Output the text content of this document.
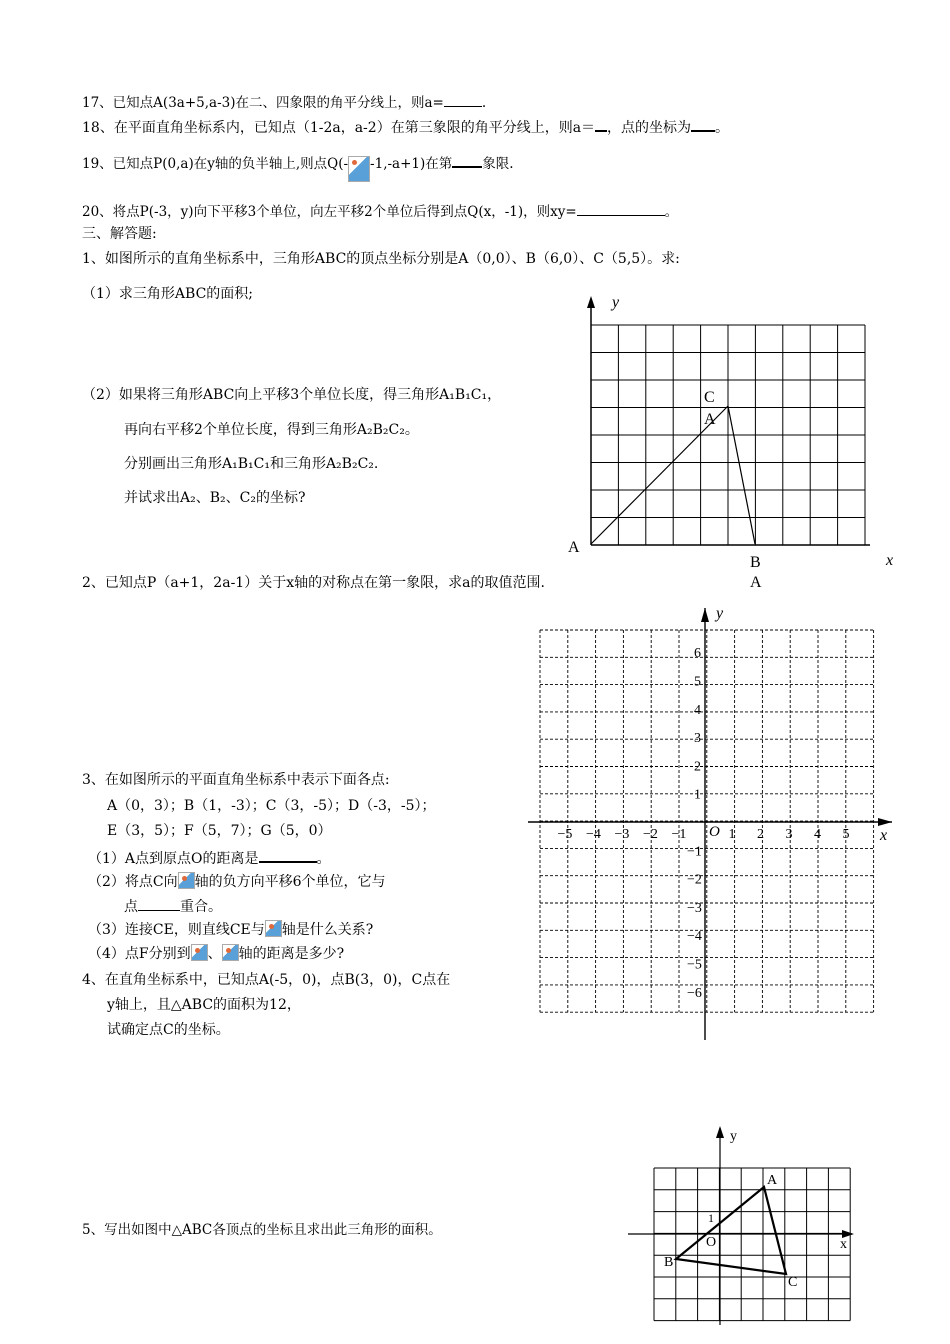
17、已知点A(3a+5,a-3)在二、四象限的角平分线上，则a=	.
18、在平面直角坐标系内，已知点（1-2a，a-2）在第三象限的角平分线上，则a＝ ，点的坐标为 。
19、已知点P(0,a)在y轴的负半轴上,则点Q(- -1,-a+1)在第 象限.
20、将点P(-3，y)向下平移3个单位，向左平移2个单位后得到点Q(x，-1)，则xy=	。
三、解答题:
1、如图所示的直角坐标系中，三角形ABC的顶点坐标分别是A（0,0）、B（6,0）、C（5,5）。求:
（1）求三角形ABC的面积;
（2）如果将三角形ABC向上平移3个单位长度，得三角形A₁B₁C₁，
再向右平移2个单位长度，得到三角形A₂B₂C₂。
分别画出三角形A₁B₁C₁和三角形A₂B₂C₂.
并试求出A₂、B₂、C₂的坐标?
y
x
A
B
A
C
A
2、已知点P（a+1，2a-1）关于x轴的对称点在第一象限，求a的取值范围.
y
x
O
−5 −4 −3 −2 −1	1 2 3 4 5
6
5
4
3
2
1
−1
−2
−3
−4
−5
−6
3、在如图所示的平面直角坐标系中表示下面各点:
A（0，3）；B（1，-3）；C（3，-5）；D（-3，-5）；
E（3，5）；F（5，7）；G（5，0）
（1）A点到原点O的距离是	。
（2）将点C向 轴的负方向平移6个单位，它与
点	重合。
（3）连接CE，则直线CE与 轴是什么关系?
（4）点F分别到 、 轴的距离是多少?
4、在直角坐标系中，已知点A(-5，0)，点B(3，0)，C点在
y轴上，且△ABC的面积为12，
试确定点C的坐标。
5、写出如图中△ABC各顶点的坐标且求出此三角形的面积。
y
x
O
1
A
B
C
